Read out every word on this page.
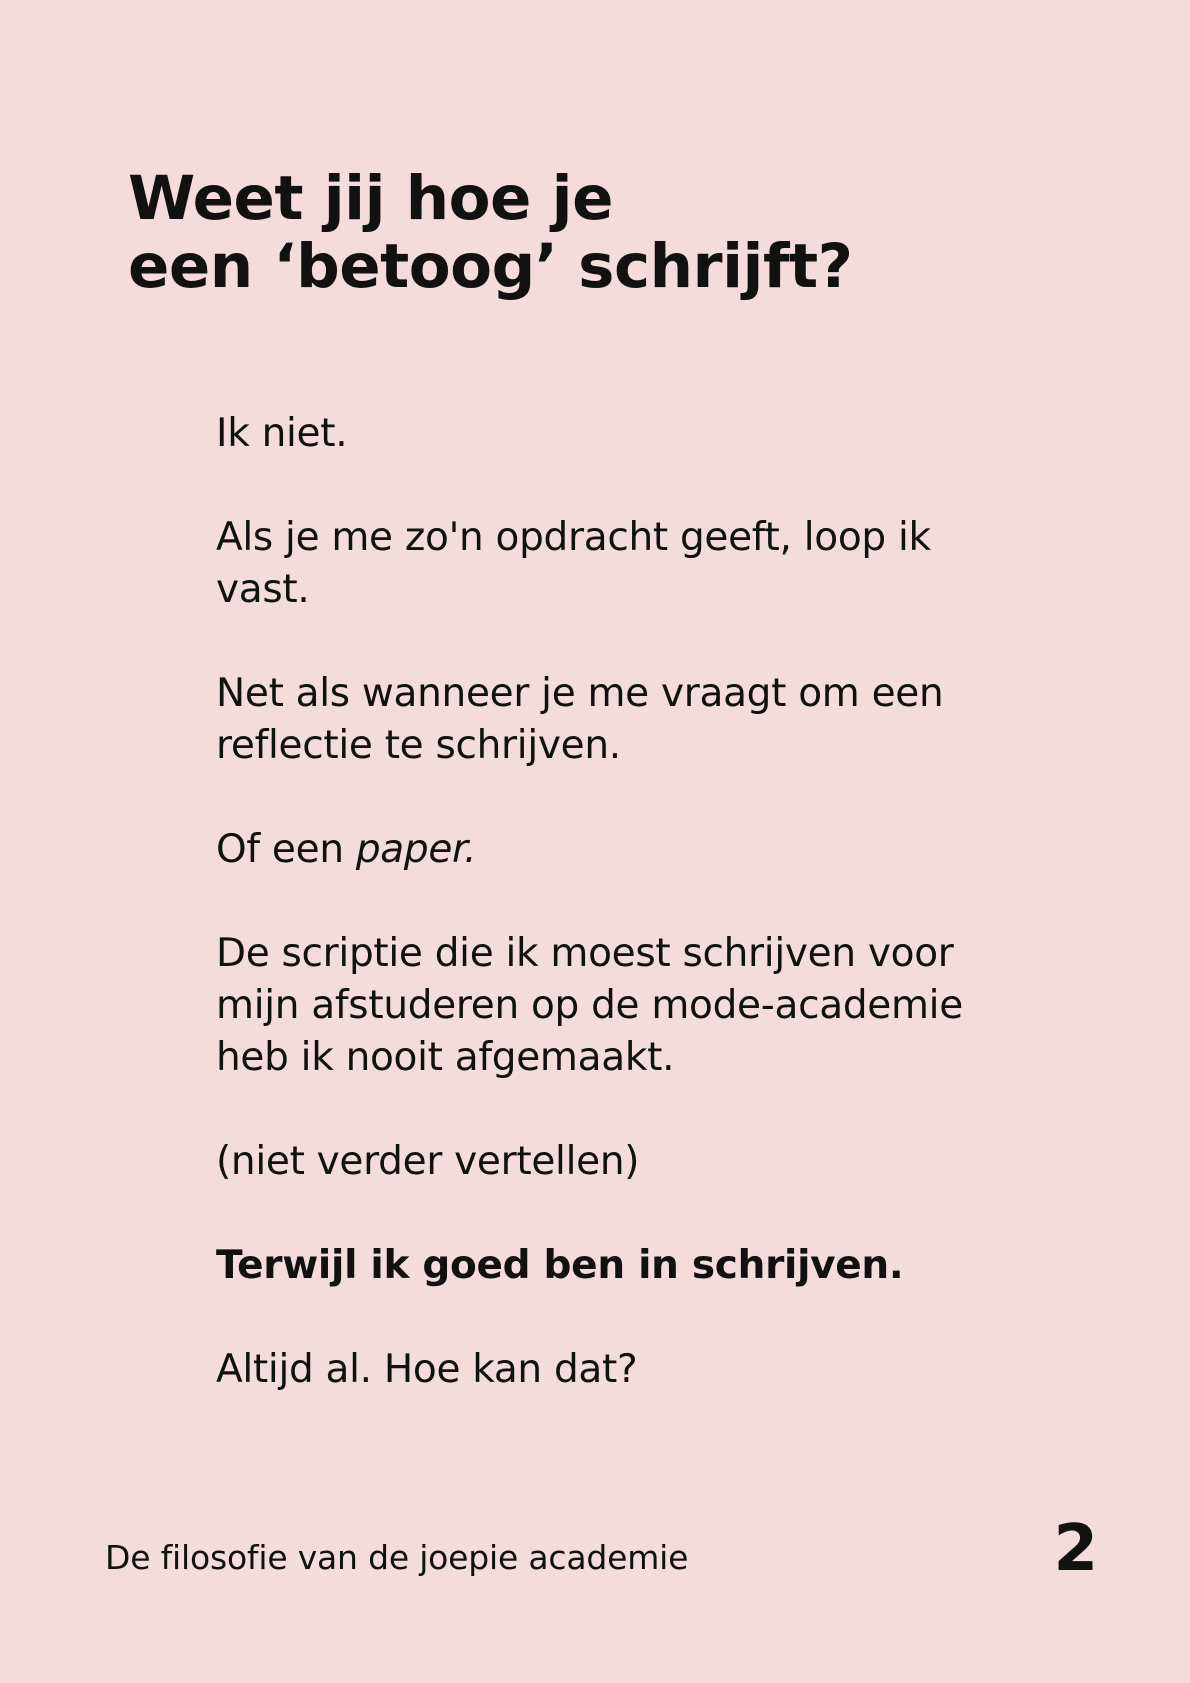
Weet jij hoe je
een ‘betoog’ schrijft?

Ik niet.

Als je me zo'n opdracht geeft, loop ik
vast.

Net als wanneer je me vraagt om een
reflectie te schrijven.

Of een paper.

De scriptie die ik moest schrijven voor
mijn afstuderen op de mode-academie
heb ik nooit afgemaakt.

(niet verder vertellen)

Terwijl ik goed ben in schrijven.

Altijd al. Hoe kan dat?

De filosofie van de joepie academie	2
